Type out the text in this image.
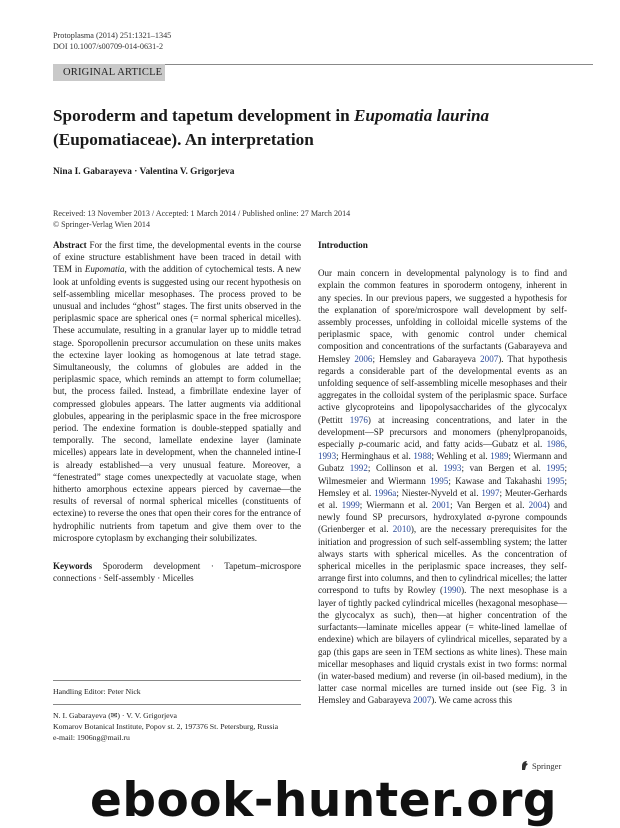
Protoplasma (2014) 251:1321–1345
DOI 10.1007/s00709-014-0631-2
ORIGINAL ARTICLE
Sporoderm and tapetum development in Eupomatia laurina
(Eupomatiaceae). An interpretation
Nina I. Gabarayeva · Valentina V. Grigorjeva
Received: 13 November 2013 / Accepted: 1 March 2014 / Published online: 27 March 2014
© Springer-Verlag Wien 2014

Abstract For the first time, the developmental events in the course of exine structure establishment have been traced in detail with TEM in Eupomatia, with the addition of cytochemical tests. A new look at unfolding events is suggested using our recent hypothesis on self-assembling micellar mesophases. The process proved to be unusual and includes “ghost” stages. The first units observed in the periplasmic space are spherical ones (= normal spherical micelles). These accumulate, resulting in a granular layer up to middle tetrad stage. Sporopollenin precursor accumulation on these units makes the ectexine layer looking as homogenous at late tetrad stage. Simultaneously, the columns of globules are added in the periplasmic space, which reminds an attempt to form columellae; but, the process failed. Instead, a fimbrillate endexine layer of compressed globules appears. The latter augments via additional globules, appearing in the periplasmic space in the free microspore period. The endexine formation is double-stepped spatially and temporally. The second, lamellate endexine layer (laminate micelles) appears late in development, when the channeled intine-I is already established—a very unusual feature. Moreover, a “fenestrated” stage comes unexpectedly at vacuolate stage, when hitherto amorphous ectexine appears pierced by cavernae—the results of reversal of normal spherical micelles (constituents of ectexine) to reverse the ones that open their cores for the entrance of hydrophilic nutrients from tapetum and give them over to the microspore cytoplasm by exchanging their solubilizates.

Keywords Sporoderm development · Tapetum–microspore connections · Self-assembly · Micelles

Handling Editor: Peter Nick
N. I. Gabarayeva (✉) · V. V. Grigorjeva
Komarov Botanical Institute, Popov st. 2, 197376 St. Petersburg, Russia
e-mail: 1906ng@mail.ru
Introduction

Our main concern in developmental palynology is to find and explain the common features in sporoderm ontogeny, inherent in any species. In our previous papers, we suggested a hypothesis for the explanation of spore/microspore wall development by self-assembly processes, unfolding in colloidal micelle systems of the periplasmic space, with genomic control under chemical composition and concentrations of the surfactants (Gabarayeva and Hemsley 2006; Hemsley and Gabarayeva 2007). That hypothesis regards a considerable part of the developmental events as an unfolding sequence of self-assembling micelle mesophases and their aggregates in the colloidal system of the periplasmic space. Surface active glycoproteins and lipopolysaccharides of the glycocalyx (Pettitt 1976) at increasing concentrations, and later in the development—SP precursors and monomers (phenylpropanoids, especially p-coumaric acid, and fatty acids—Gubatz et al. 1986, 1993; Herminghaus et al. 1988; Wehling et al. 1989; Wiermann and Gubatz 1992; Collinson et al. 1993; van Bergen et al. 1995; Wilmesmeier and Wiermann 1995; Kawase and Takahashi 1995; Hemsley et al. 1996a; Niester-Nyveld et al. 1997; Meuter-Gerhards et al. 1999; Wiermann et al. 2001; Van Bergen et al. 2004) and newly found SP precursors, hydroxylated α-pyrone compounds (Grienberger et al. 2010), are the necessary prerequisites for the initiation and progression of such self-assembling system; the latter always starts with spherical micelles. As the concentration of spherical micelles in the periplasmic space increases, they self-arrange first into columns, and then to cylindrical micelles; the latter correspond to tufts by Rowley (1990). The next mesophase is a layer of tightly packed cylindrical micelles (hexagonal mesophase—the glycocalyx as such), then—at higher concentration of the surfactants—laminate micelles appear (= white-lined lamellae of endexine) which are bilayers of cylindrical micelles, separated by a gap (this gaps are seen in TEM sections as white lines). These main micellar mesophases and liquid crystals exist in two forms: normal (in water-based medium) and reverse (in oil-based medium), in the latter case normal micelles are turned inside out (see Fig. 3 in Hemsley and Gabarayeva 2007). We came across this

Springer
ebook-hunter.org
